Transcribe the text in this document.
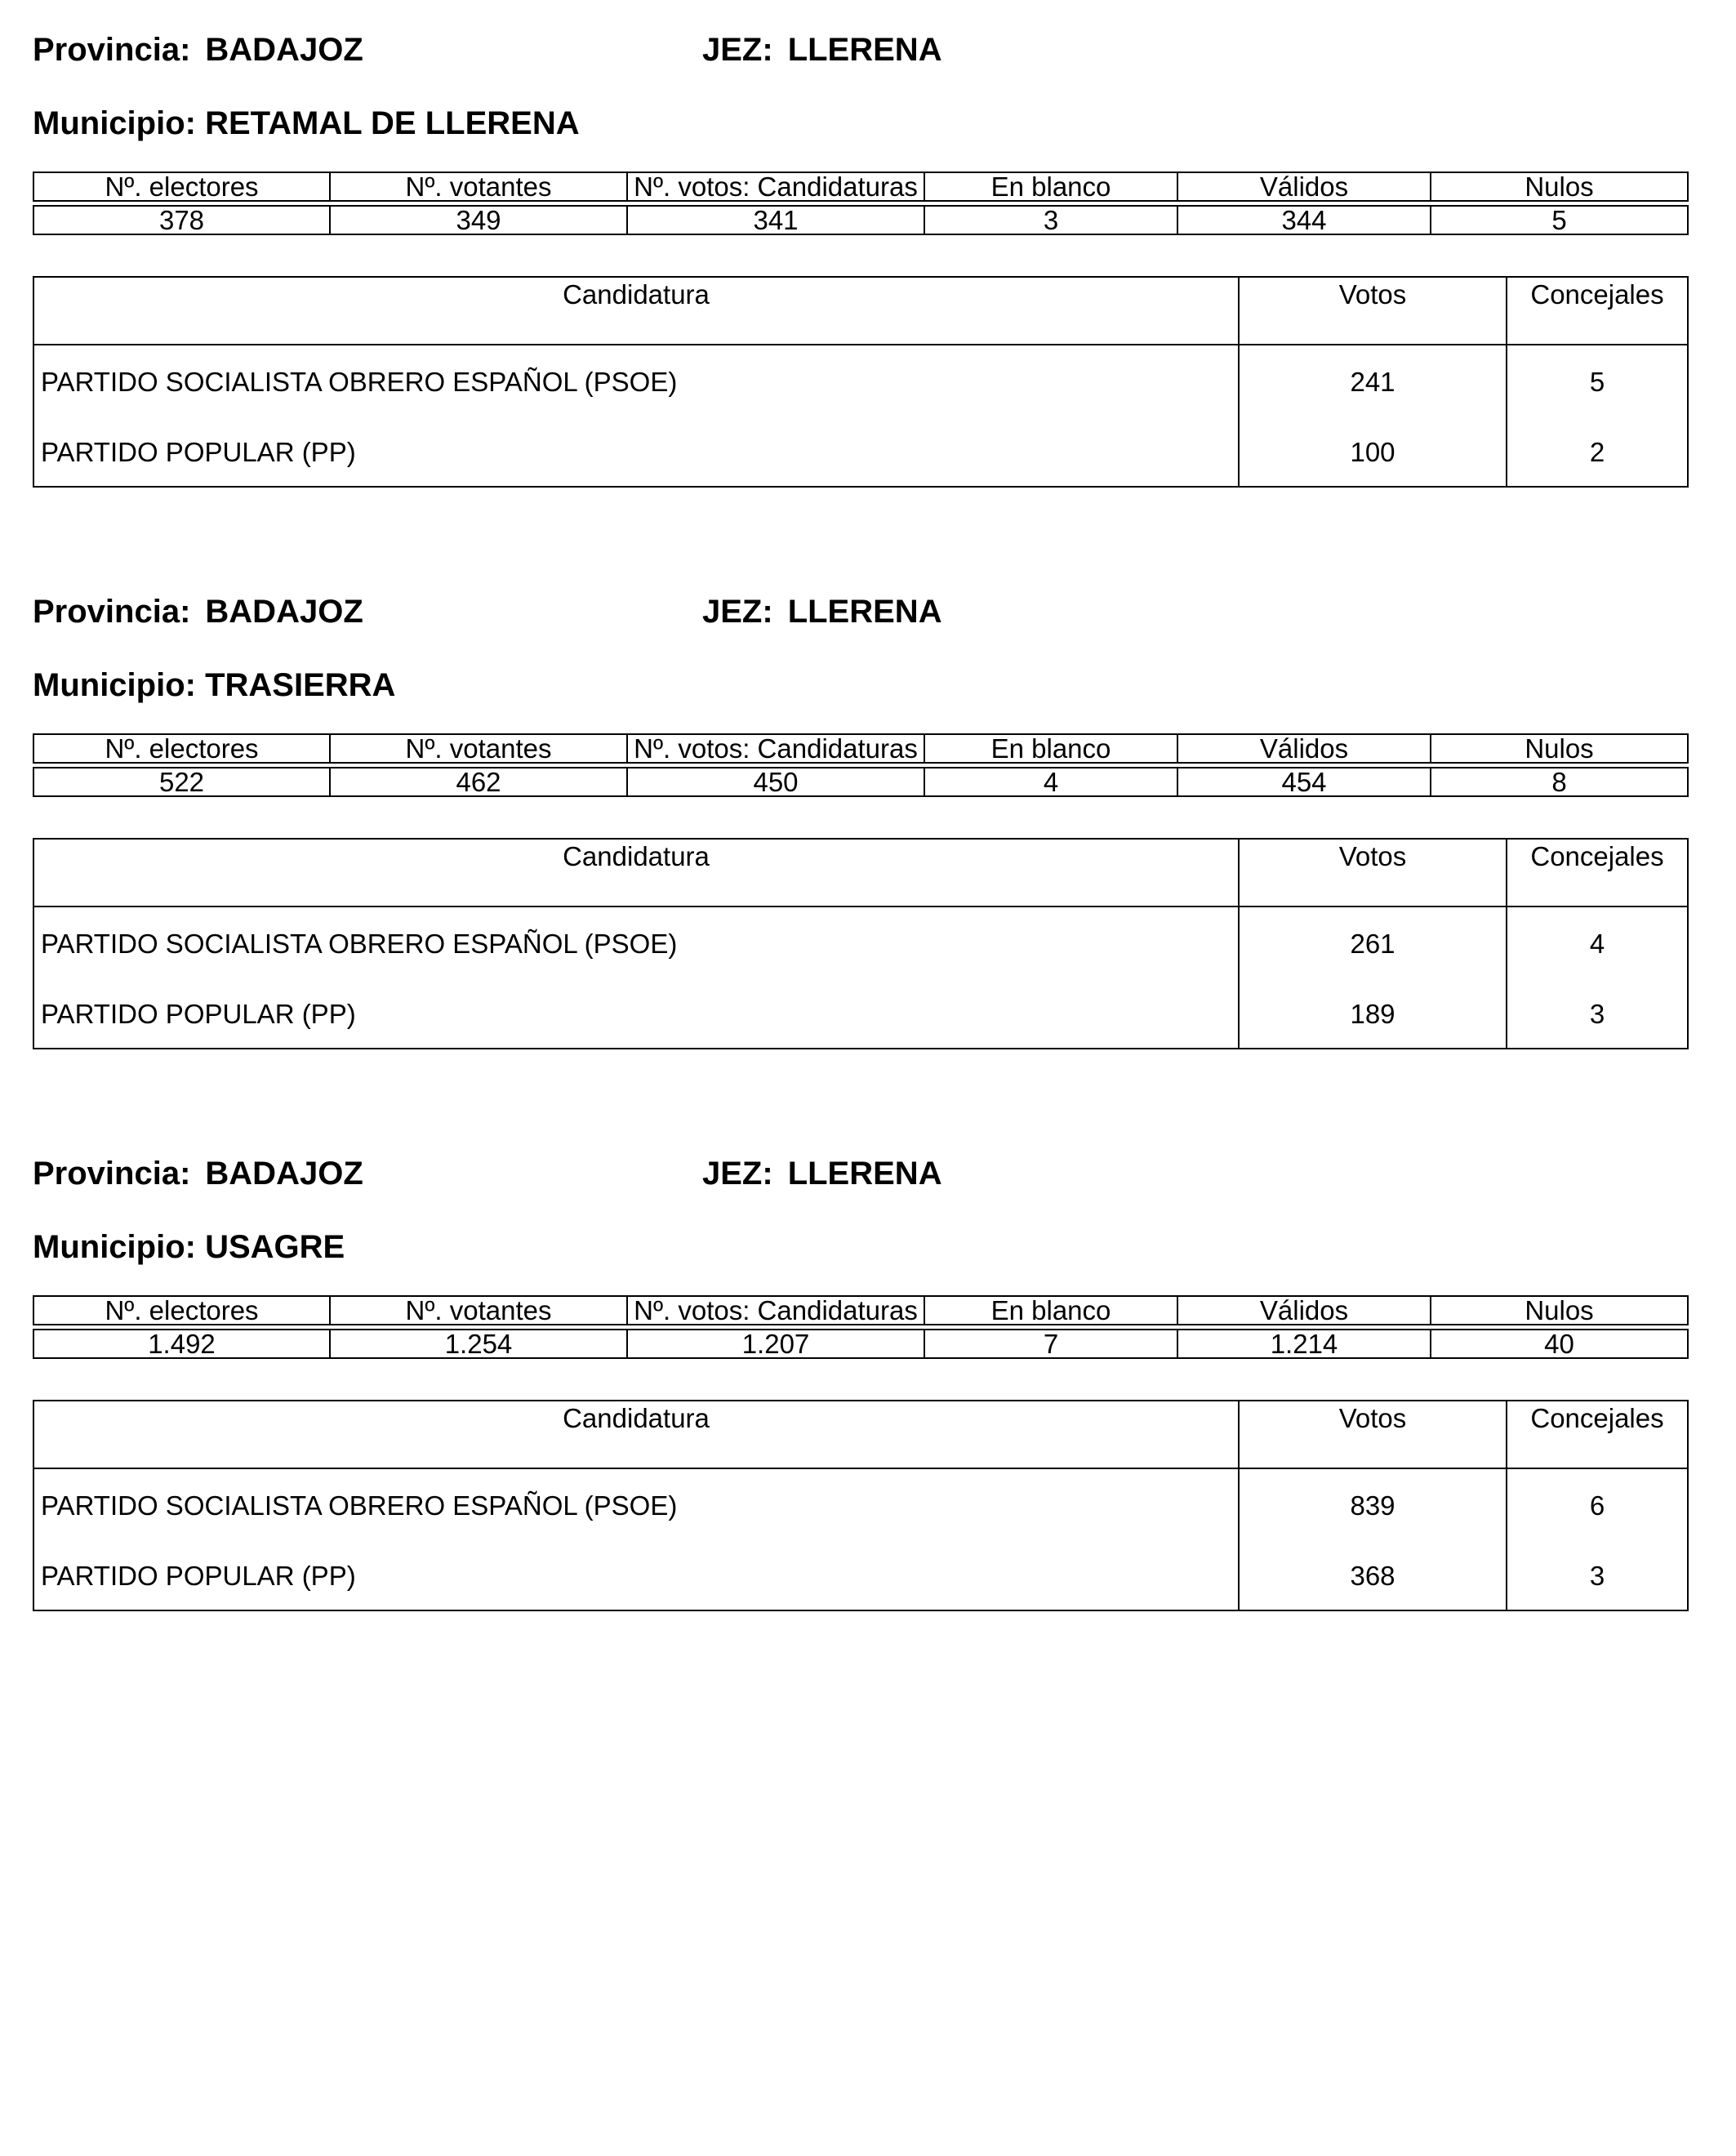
Provincia: BADAJOZ	JEZ: LLERENA
Municipio: RETAMAL DE LLERENA
Nº. electores	Nº. votantes	Nº. votos: Candidaturas	En blanco	Válidos	Nulos

378	349	341	3	344	5
Candidatura	Votos	Concejales
PARTIDO SOCIALISTA OBRERO ESPAÑOL (PSOE)	241	5
PARTIDO POPULAR (PP)	100	2
Provincia: BADAJOZ	JEZ: LLERENA
Municipio: TRASIERRA
Nº. electores	Nº. votantes	Nº. votos: Candidaturas	En blanco	Válidos	Nulos

522	462	450	4	454	8
Candidatura	Votos	Concejales
PARTIDO SOCIALISTA OBRERO ESPAÑOL (PSOE)	261	4
PARTIDO POPULAR (PP)	189	3
Provincia: BADAJOZ	JEZ: LLERENA
Municipio: USAGRE
Nº. electores	Nº. votantes	Nº. votos: Candidaturas	En blanco	Válidos	Nulos

1.492	1.254	1.207	7	1.214	40
Candidatura	Votos	Concejales
PARTIDO SOCIALISTA OBRERO ESPAÑOL (PSOE)	839	6
PARTIDO POPULAR (PP)	368	3
